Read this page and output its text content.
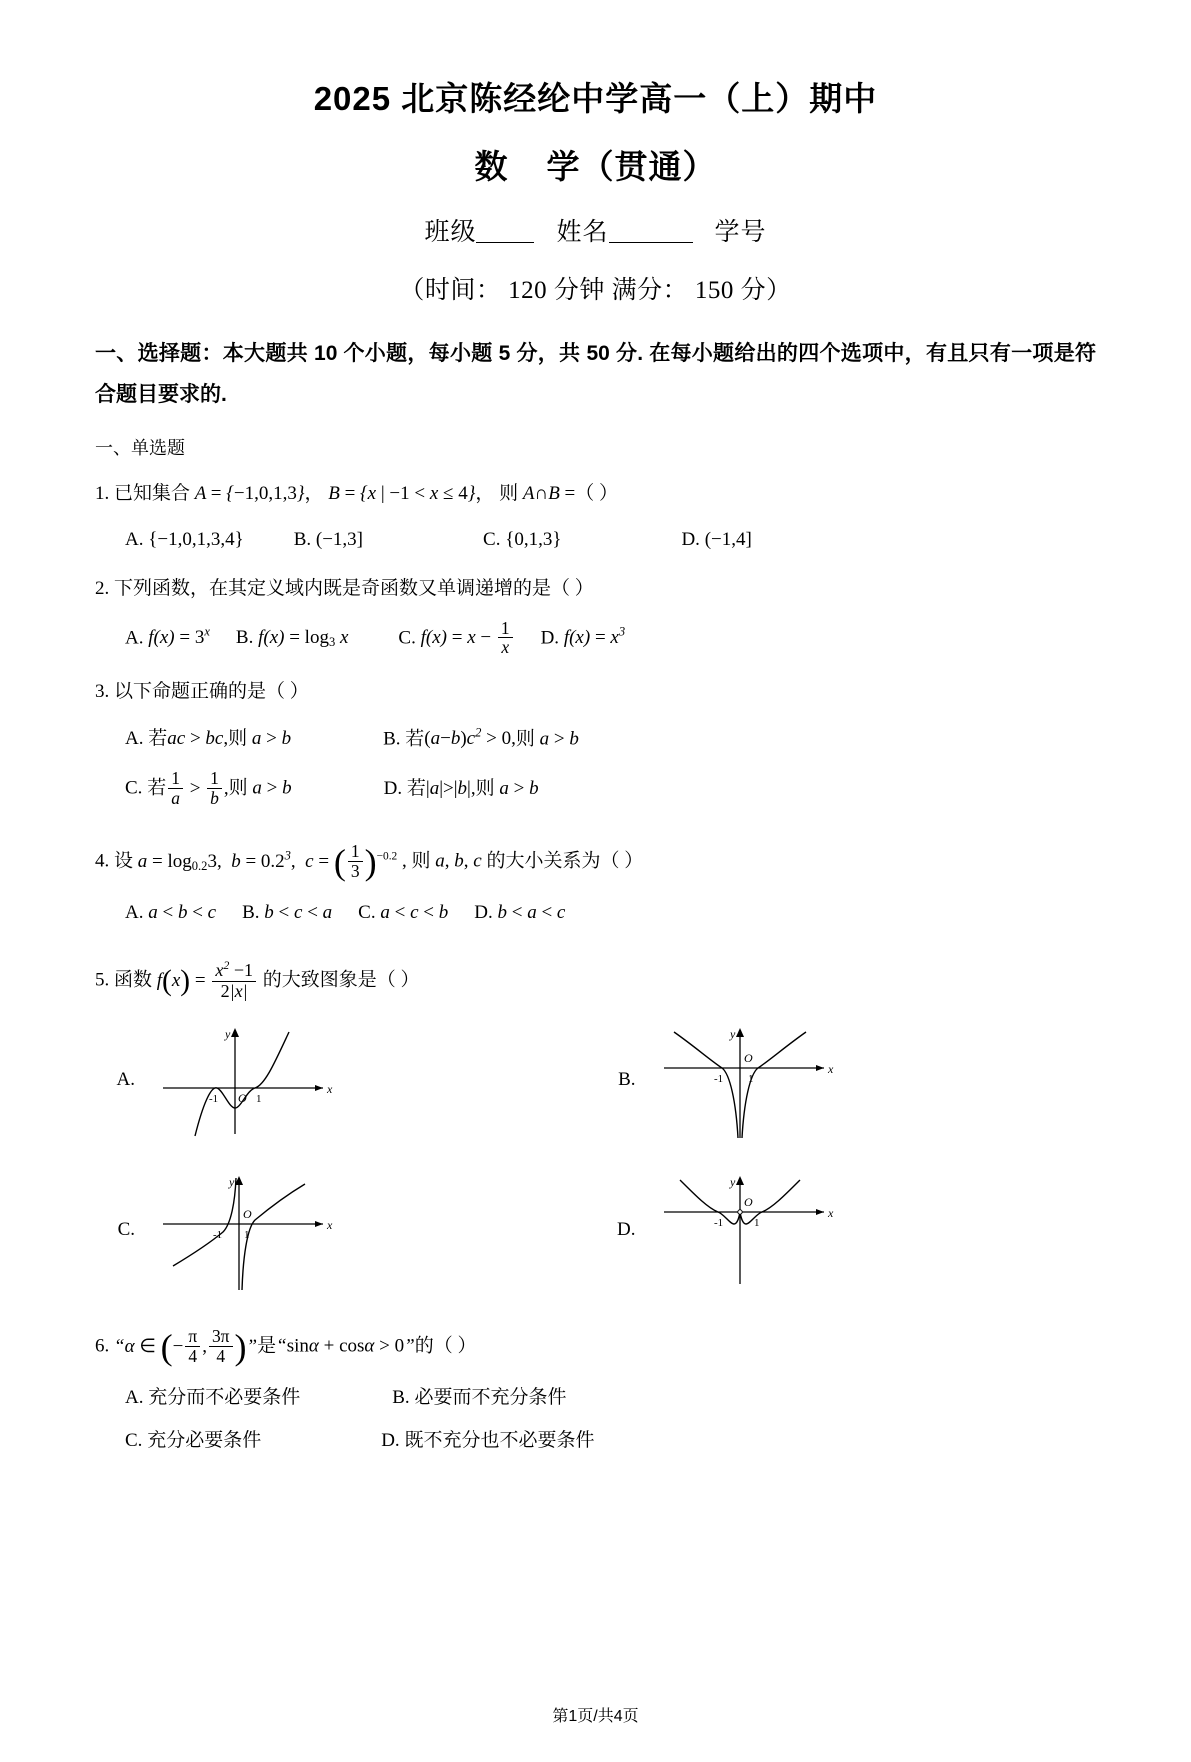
2025 北京陈经纶中学高一（上）期中
数 学（贯通）
班级	姓名	学号
（时间： 120 分钟 满分： 150 分）
一、选择题：本大题共 10 个小题，每小题 5 分，共 50 分. 在每小题给出的四个选项中，有且只有一项是符合题目要求的.
一、单选题
1. 已知集合 A = {−1,0,1,3}， B = {x | −1 < x ≤ 4}， 则 A∩B =（ ）
A. {−1,0,1,3,4}	B. (−1,3]	C. {0,1,3}	D. (−1,4]
2. 下列函数，在其定义域内既是奇函数又单调递增的是（ ）
A. $f(x) = 3^x$ B. $f(x) = \log_3 x$	C. $f(x) = x - \frac{1}{x} D$. $f(x) = x^3$
3. 以下命题正确的是（ ）
A. 若ac > bc,则 a > b	B. 若$(a-b)c^2 > 0$,则 a > b
C. 若 $\frac{1}{a} > \frac{1}{b}$ ,则 a > b	D. 若|a|>|b|,则 a > b
4. 设 $a = \log_{0.2}3$, $b = 0.2^3$, c = ( $\frac{1}{3} )^{-0.2}$ , 则 a, b, c 的大小关系为（ ）
A. a < b < c B. b < c < a C. a < c < b D. b < a < c
5. 函数 $f(x) = \frac{x^2 -1}{2|x|}$ 的大致图象是（ ）
A.
y
x
O
-1	1
B.
y
x
O
-1 1
C.
y
x
O
-1 1	D.
y
x
O
-1	1
6. “α ∈ (− $\frac{\pi}{4}$ , $\frac{3\pi}{4}$ )”是“sinα + cosα > 0”的（ ）
A. 充分而不必要条件	B. 必要而不充分条件
C. 充分必要条件	D. 既不充分也不必要条件
第1页/共4页
